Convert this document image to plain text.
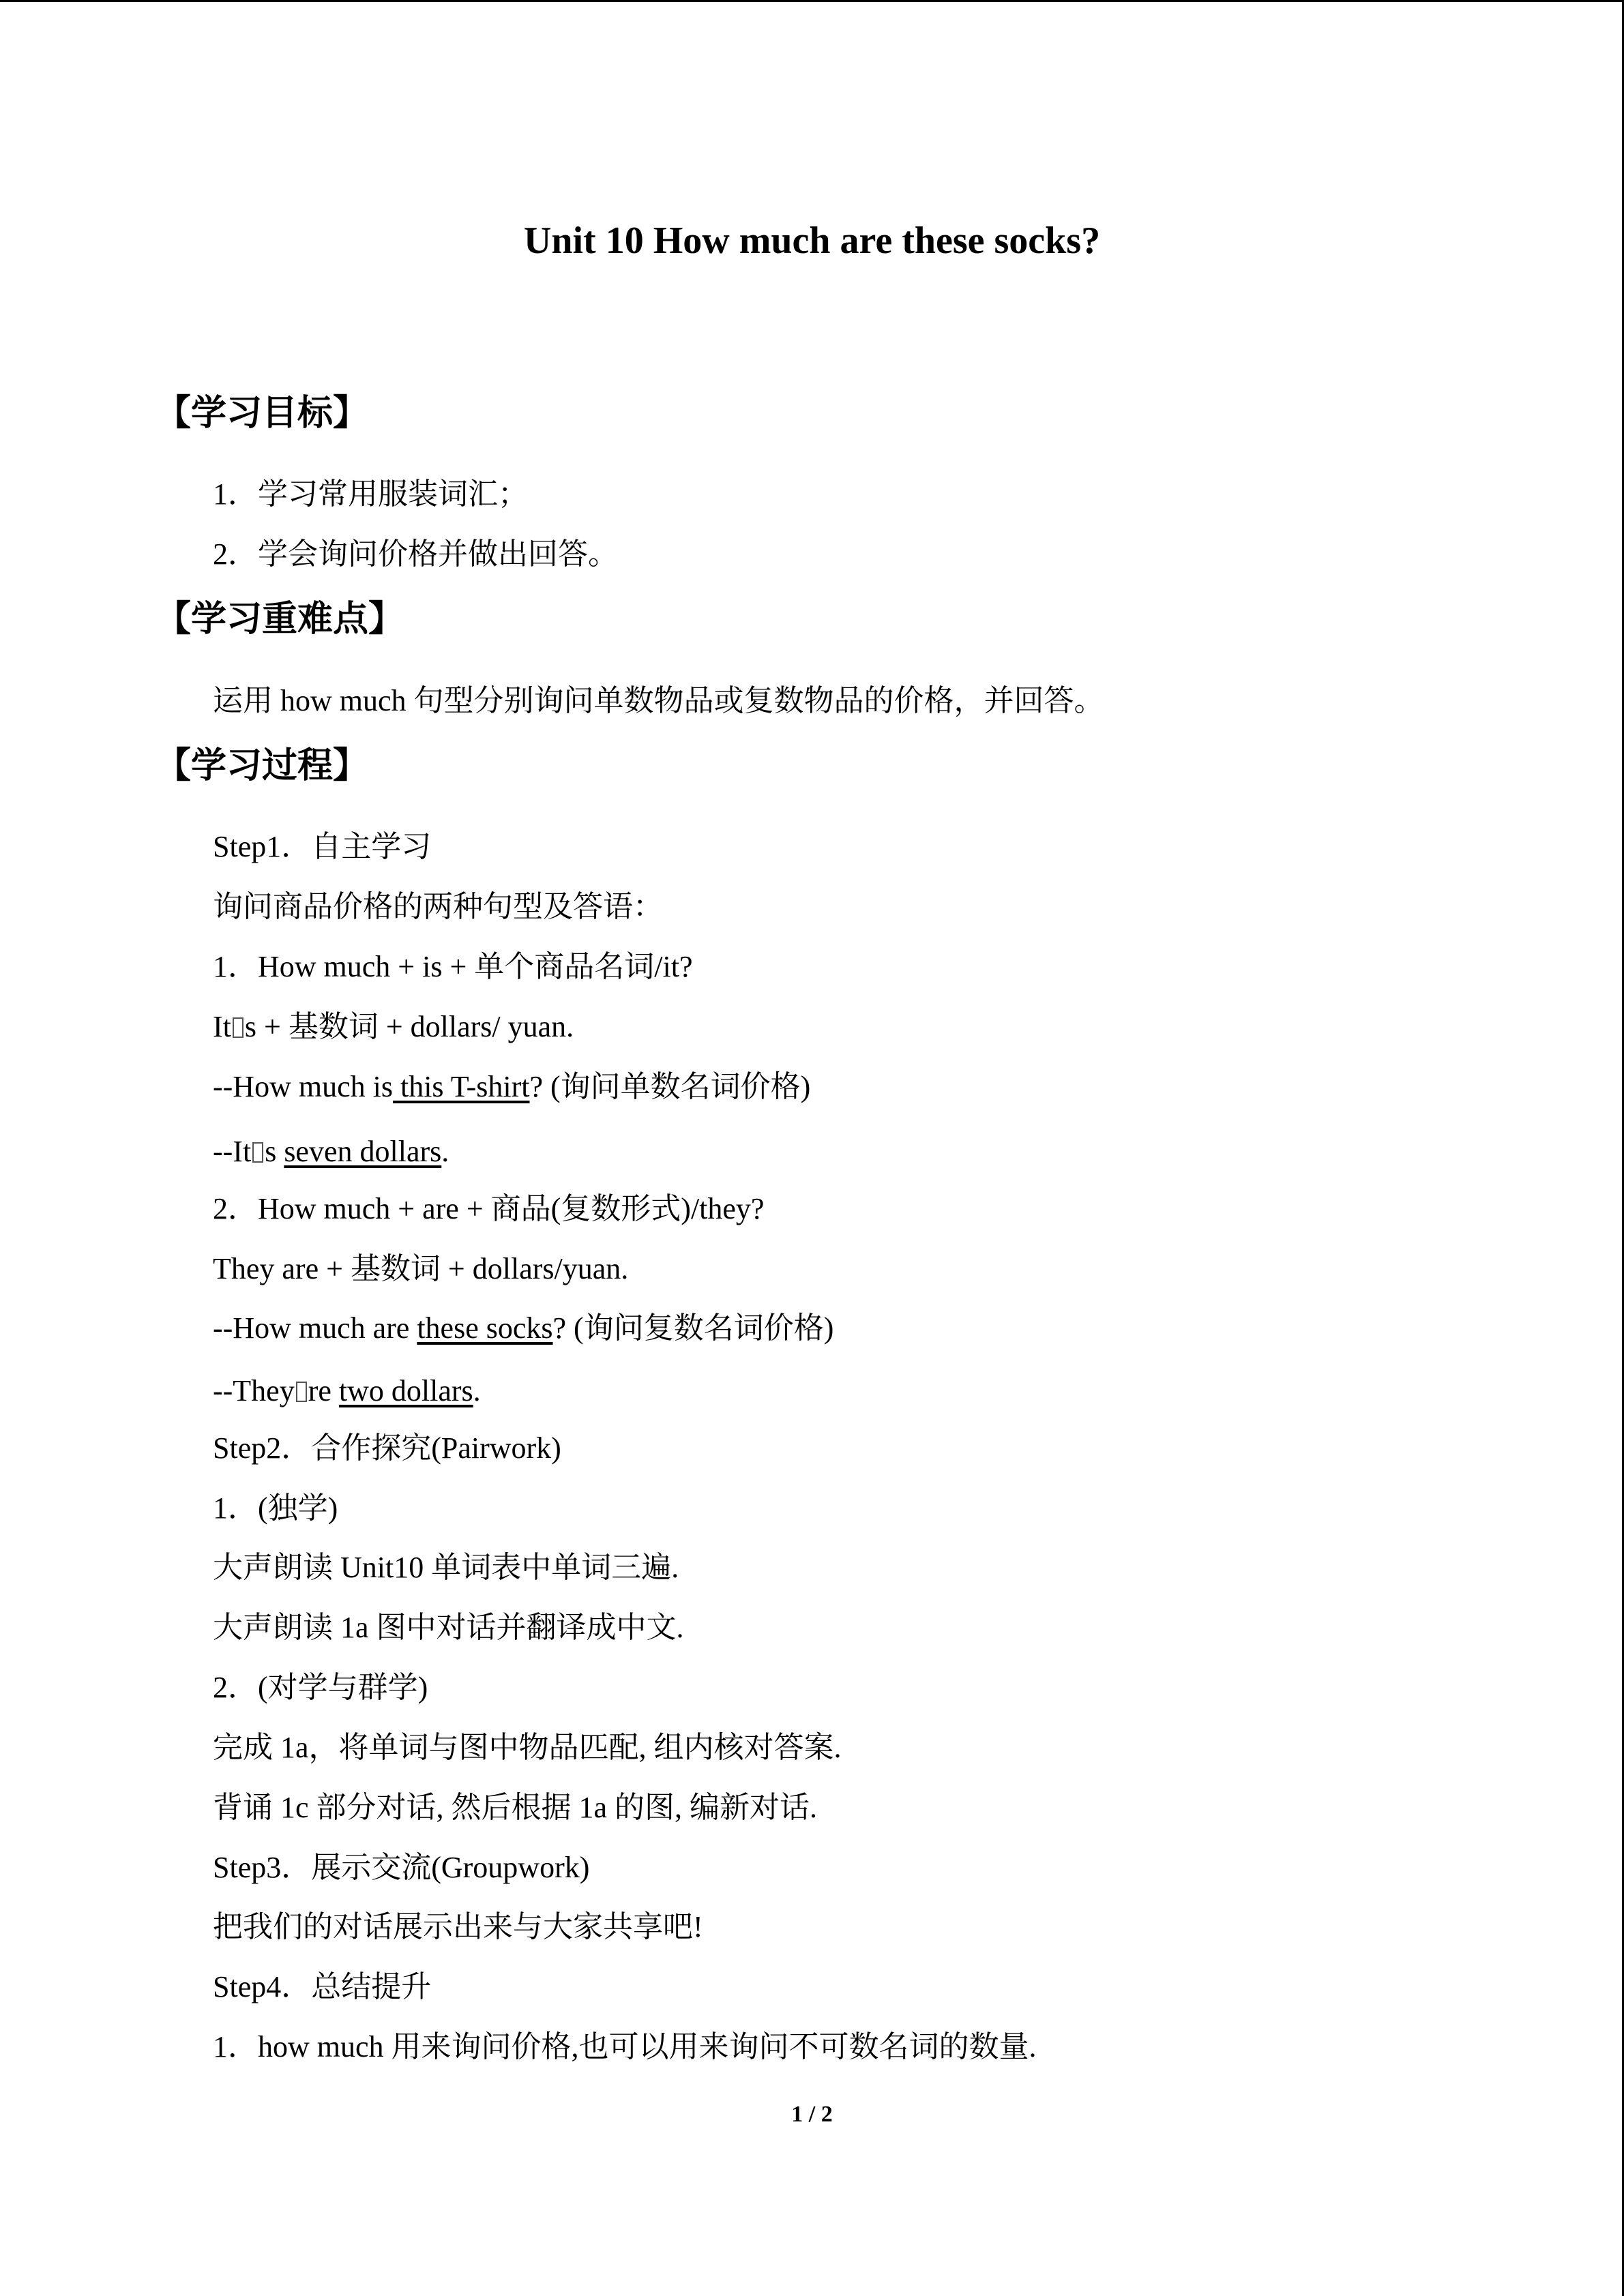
Unit 10 How much are these socks?
【学习目标】
1．学习常用服装词汇；
2．学会询问价格并做出回答。
【学习重难点】
运用 how much 句型分别询问单数物品或复数物品的价格，并回答。
【学习过程】
Step1．自主学习
询问商品价格的两种句型及答语：
1．How much + is + 单个商品名词/it?
It s + 基数词 + dollars/ yuan.
--How much is this T-shirt? (询问单数名词价格)
--It s seven dollars.
2．How much + are + 商品(复数形式)/they?
They are + 基数词 + dollars/yuan.
--How much are these socks? (询问复数名词价格)
--They re two dollars.
Step2．合作探究(Pairwork)
1．(独学)
大声朗读 Unit10 单词表中单词三遍.
大声朗读 1a 图中对话并翻译成中文.
2．(对学与群学)
完成 1a，将单词与图中物品匹配, 组内核对答案.
背诵 1c 部分对话, 然后根据 1a 的图, 编新对话.
Step3．展示交流(Groupwork)
把我们的对话展示出来与大家共享吧!
Step4．总结提升
1．how much 用来询问价格,也可以用来询问不可数名词的数量.
1 / 2
